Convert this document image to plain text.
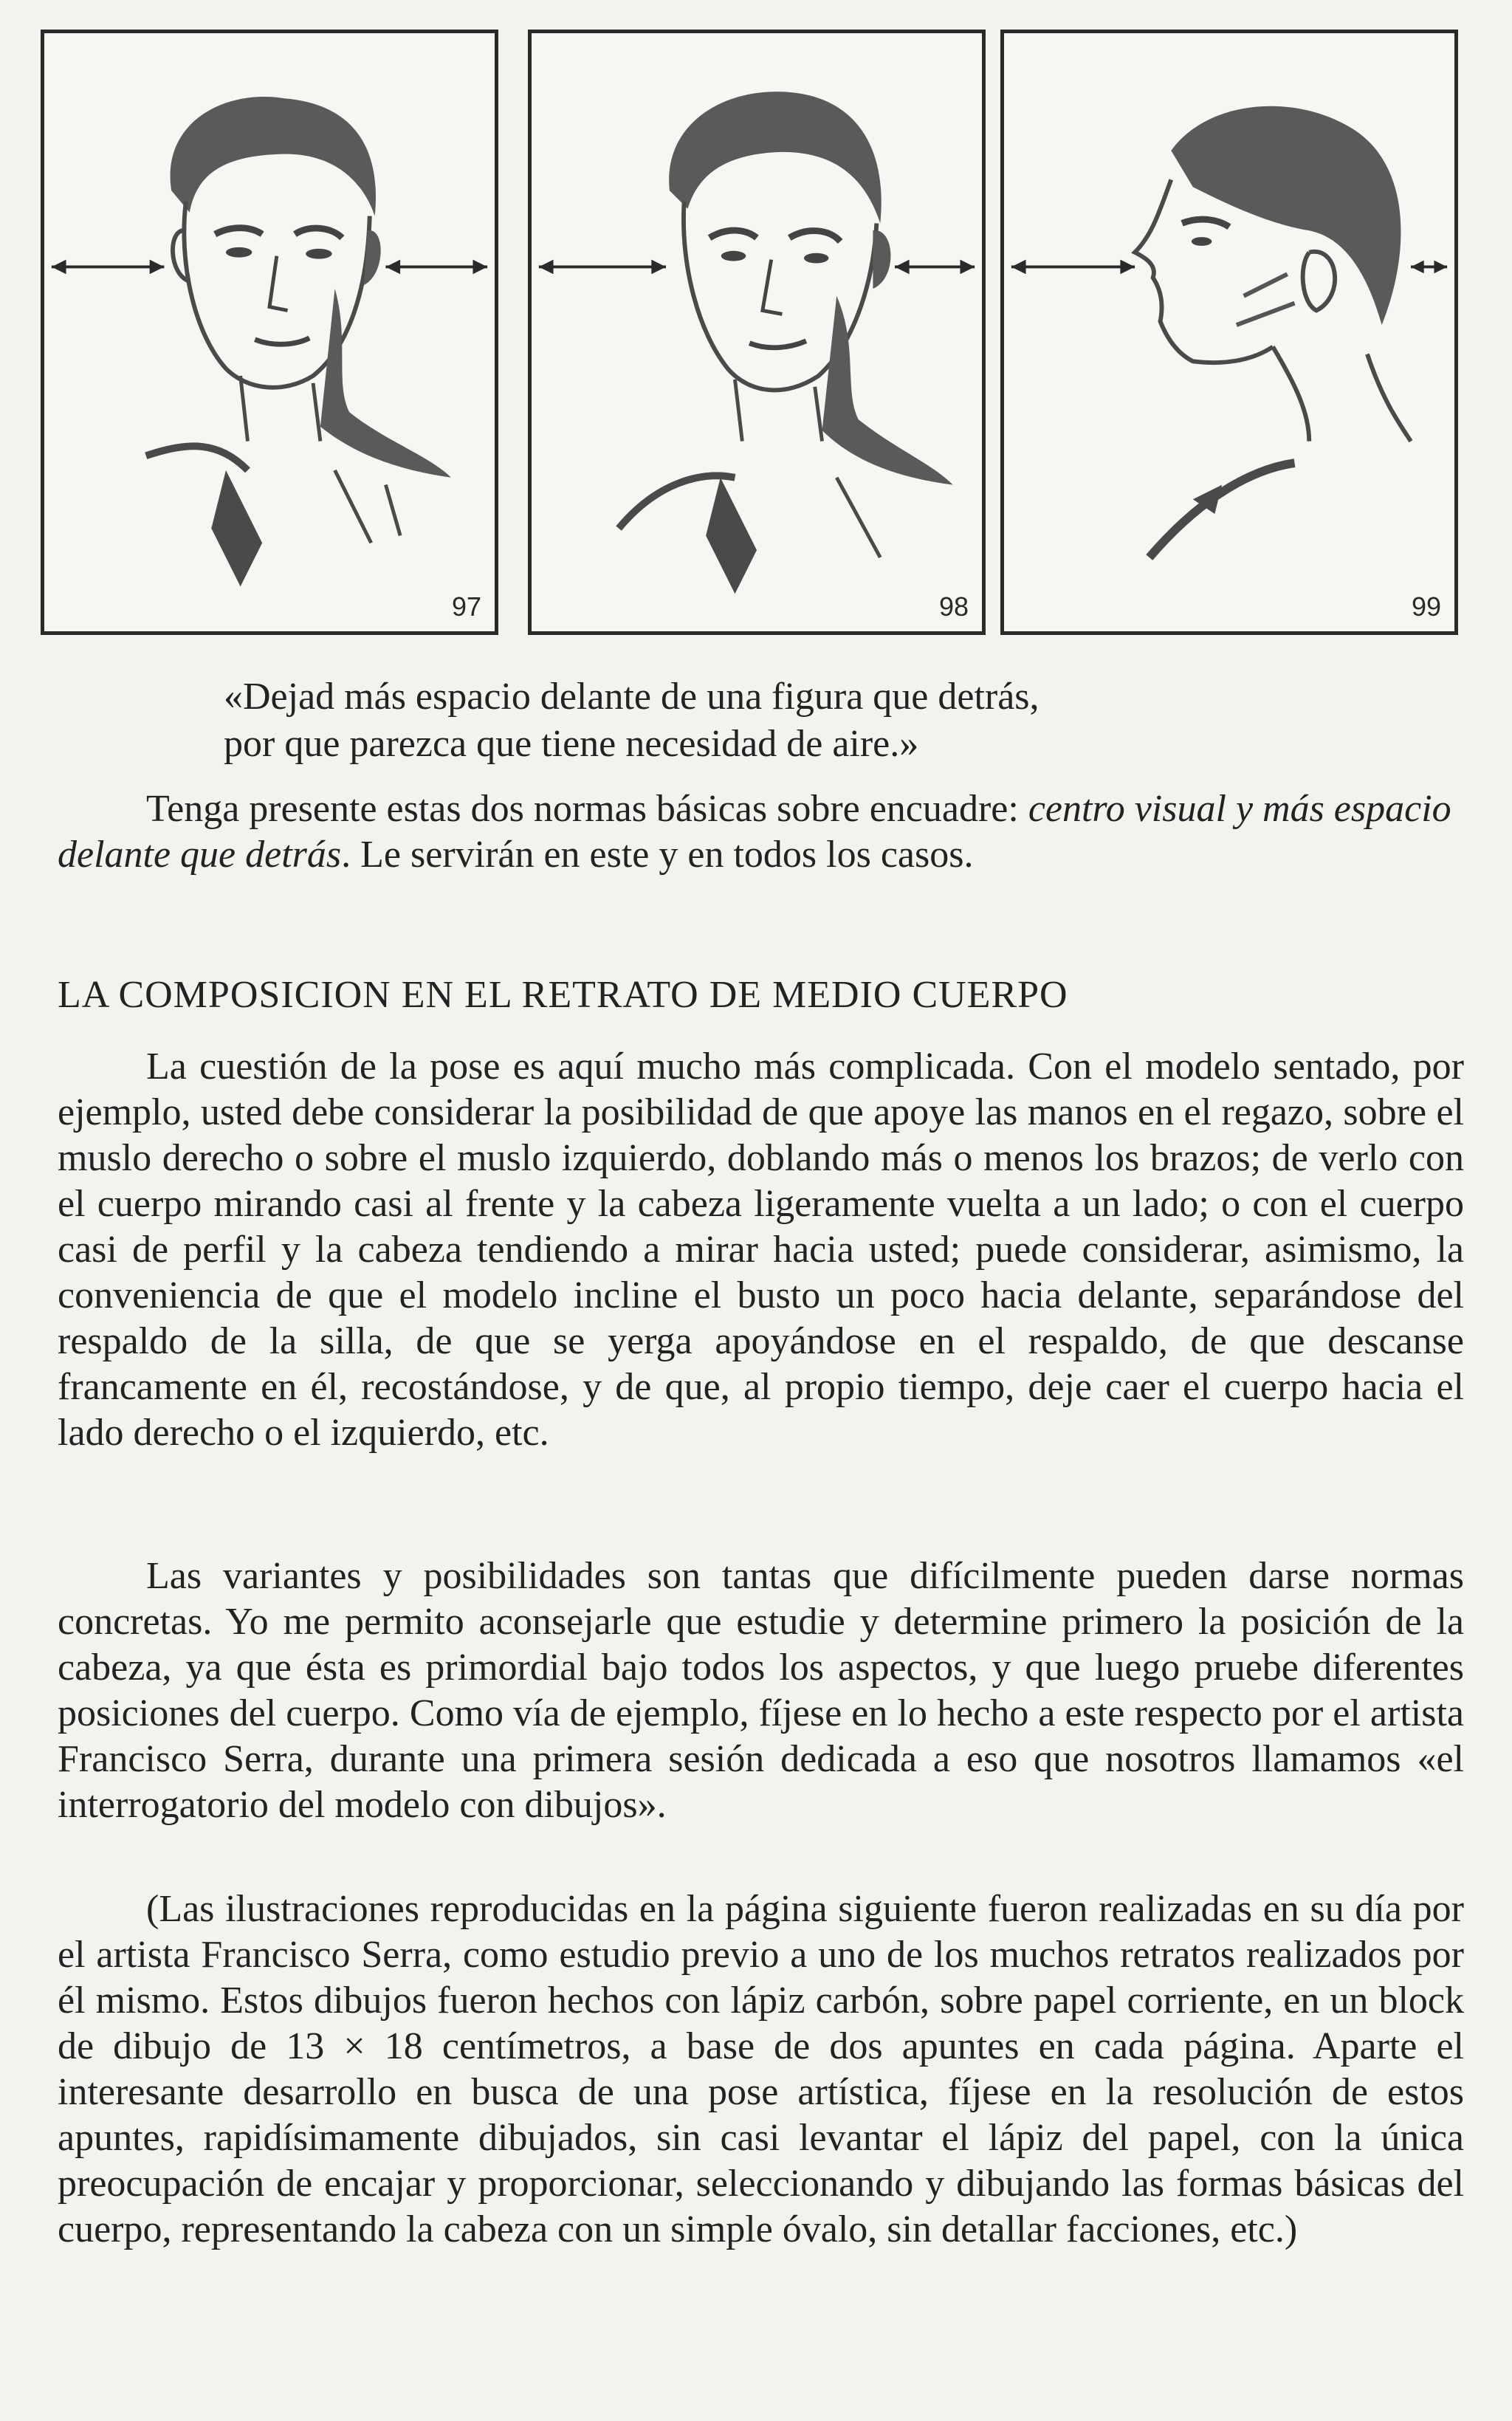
97	98	99
«Dejad más espacio delante de una figura que detrás,
por que parezca que tiene necesidad de aire.»
Tenga presente estas dos normas básicas sobre encuadre: centro visual y más espacio delante que detrás. Le servirán en este y en todos los casos.
LA COMPOSICION EN EL RETRATO DE MEDIO CUERPO
La cuestión de la pose es aquí mucho más complicada. Con el modelo sentado, por ejemplo, usted debe considerar la posibilidad de que apoye las manos en el regazo, sobre el muslo derecho o sobre el muslo izquierdo, doblando más o menos los brazos; de verlo con el cuerpo mirando casi al frente y la cabeza ligeramente vuelta a un lado; o con el cuerpo casi de perfil y la cabeza tendiendo a mirar hacia usted; puede considerar, asimismo, la conveniencia de que el modelo incline el busto un poco hacia delante, separándose del respaldo de la silla, de que se yerga apoyándose en el respaldo, de que descanse francamente en él, recostándose, y de que, al propio tiempo, deje caer el cuerpo hacia el lado derecho o el izquierdo, etc.
Las variantes y posibilidades son tantas que difícilmente pueden darse normas concretas. Yo me permito aconsejarle que estudie y determine primero la posición de la cabeza, ya que ésta es primordial bajo todos los aspectos, y que luego pruebe diferentes posiciones del cuerpo. Como vía de ejemplo, fíjese en lo hecho a este respecto por el artista Francisco Serra, durante una primera sesión dedicada a eso que nosotros llamamos «el interrogatorio del modelo con dibujos».
(Las ilustraciones reproducidas en la página siguiente fueron realizadas en su día por el artista Francisco Serra, como estudio previo a uno de los muchos retratos realizados por él mismo. Estos dibujos fueron hechos con lápiz carbón, sobre papel corriente, en un block de dibujo de 13 × 18 centímetros, a base de dos apuntes en cada página. Aparte el interesante desarrollo en busca de una pose artística, fíjese en la resolución de estos apuntes, rapidísimamente dibujados, sin casi levantar el lápiz del papel, con la única preocupación de encajar y proporcionar, seleccionando y dibujando las formas básicas del cuerpo, representando la cabeza con un simple óvalo, sin detallar facciones, etc.)
